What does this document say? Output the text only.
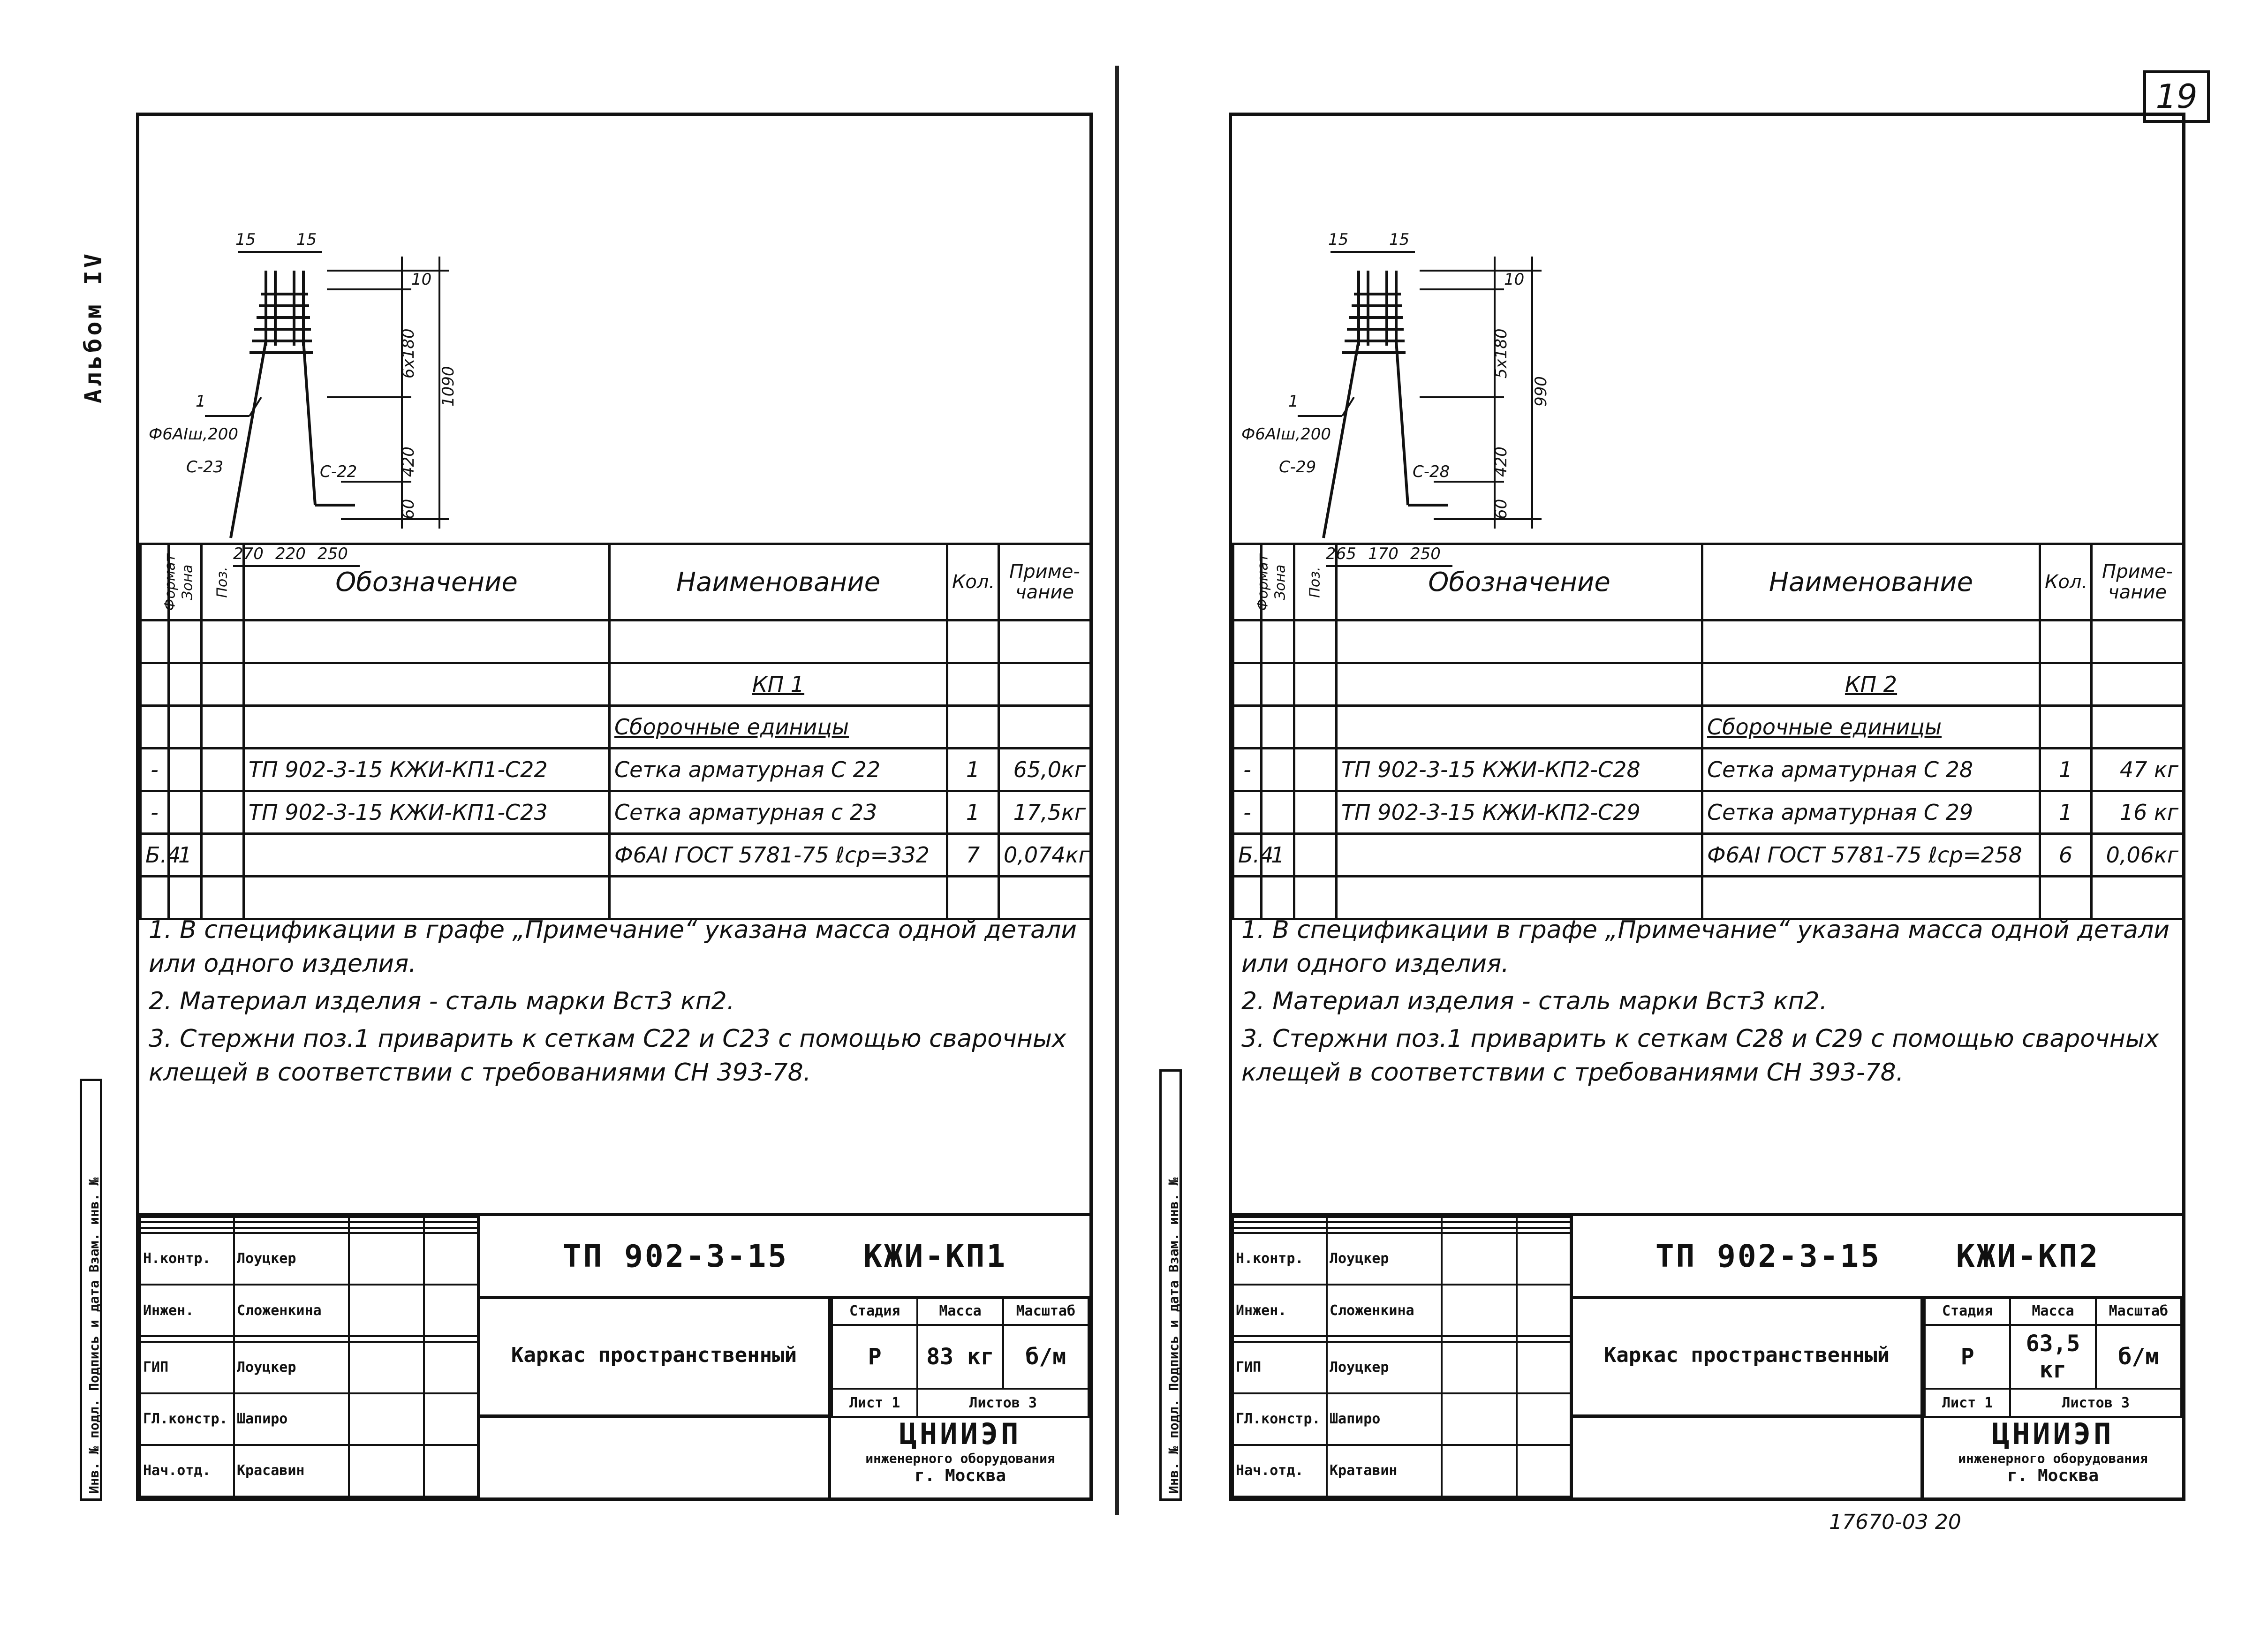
Альбом IV
19
17670-03 20
Инв. № подл. Подпись и дата Взам. инв. №	Инв. № подл. Подпись и дата Взам. инв. №
15	15
10
6х180
420
60
1090
1
Ф6АIш,200
С-23	С-22
270 220 250
Формат	Зона	Поз.	Обозначение	Наименование	Кол.	Приме-
чание

				КП 1		
				Сборочные единицы		
-			ТП 902-3-15 КЖИ-КП1-С22	Сетка арматурная С 22	1	65,0кг
-			ТП 902-3-15 КЖИ-КП1-С23	Сетка арматурная с 23	1	17,5кг
Б.4	1			Ф6АI ГОСТ 5781-75 ℓср=332	7	0,074кг

1. В спецификации в графе „Примечание“ указана масса одной детали или одного изделия.

2. Материал изделия - сталь марки Вст3 кп2.

3. Стержни поз.1 приварить к сеткам С22 и С23 с помощью сварочных клещей в соответствии с требованиями СН 393-78.

Н.контр.	Лоуцкер		
Инжен.	Сложенкина		

ГИП	Лоуцкер		
ГЛ.констр.	Шапиро		
Нач.отд.	Красавин		
ТП 902-3-15 КЖИ-КП1
Каркас пространственный
Стадия	Масса	Масштаб
Р	83 кг	б/м
Лист 1	Листов 3	
ЦНИИЭП
инженерного оборудования
г. Москва
15	15
10
5х180
420
60
990
1
Ф6АIш,200
С-29	С-28
265 170 250
Формат	Зона	Поз.	Обозначение	Наименование	Кол.	Приме-
чание

				КП 2		
				Сборочные единицы		
-			ТП 902-3-15 КЖИ-КП2-С28	Сетка арматурная С 28	1	47 кг
-			ТП 902-3-15 КЖИ-КП2-С29	Сетка арматурная С 29	1	16 кг
Б.4	1			Ф6АI ГОСТ 5781-75 ℓср=258	6	0,06кг

1. В спецификации в графе „Примечание“ указана масса одной детали или одного изделия.

2. Материал изделия - сталь марки Вст3 кп2.

3. Стержни поз.1 приварить к сеткам С28 и С29 с помощью сварочных клещей в соответствии с требованиями СН 393-78.

Н.контр.	Лоуцкер		
Инжен.	Сложенкина		

ГИП	Лоуцкер		
ГЛ.констр.	Шапиро		
Нач.отд.	Кратавин		
ТП 902-3-15 КЖИ-КП2
Каркас пространственный
Стадия	Масса	Масштаб
Р	63,5 кг	б/м
Лист 1	Листов 3	
ЦНИИЭП
инженерного оборудования
г. Москва
